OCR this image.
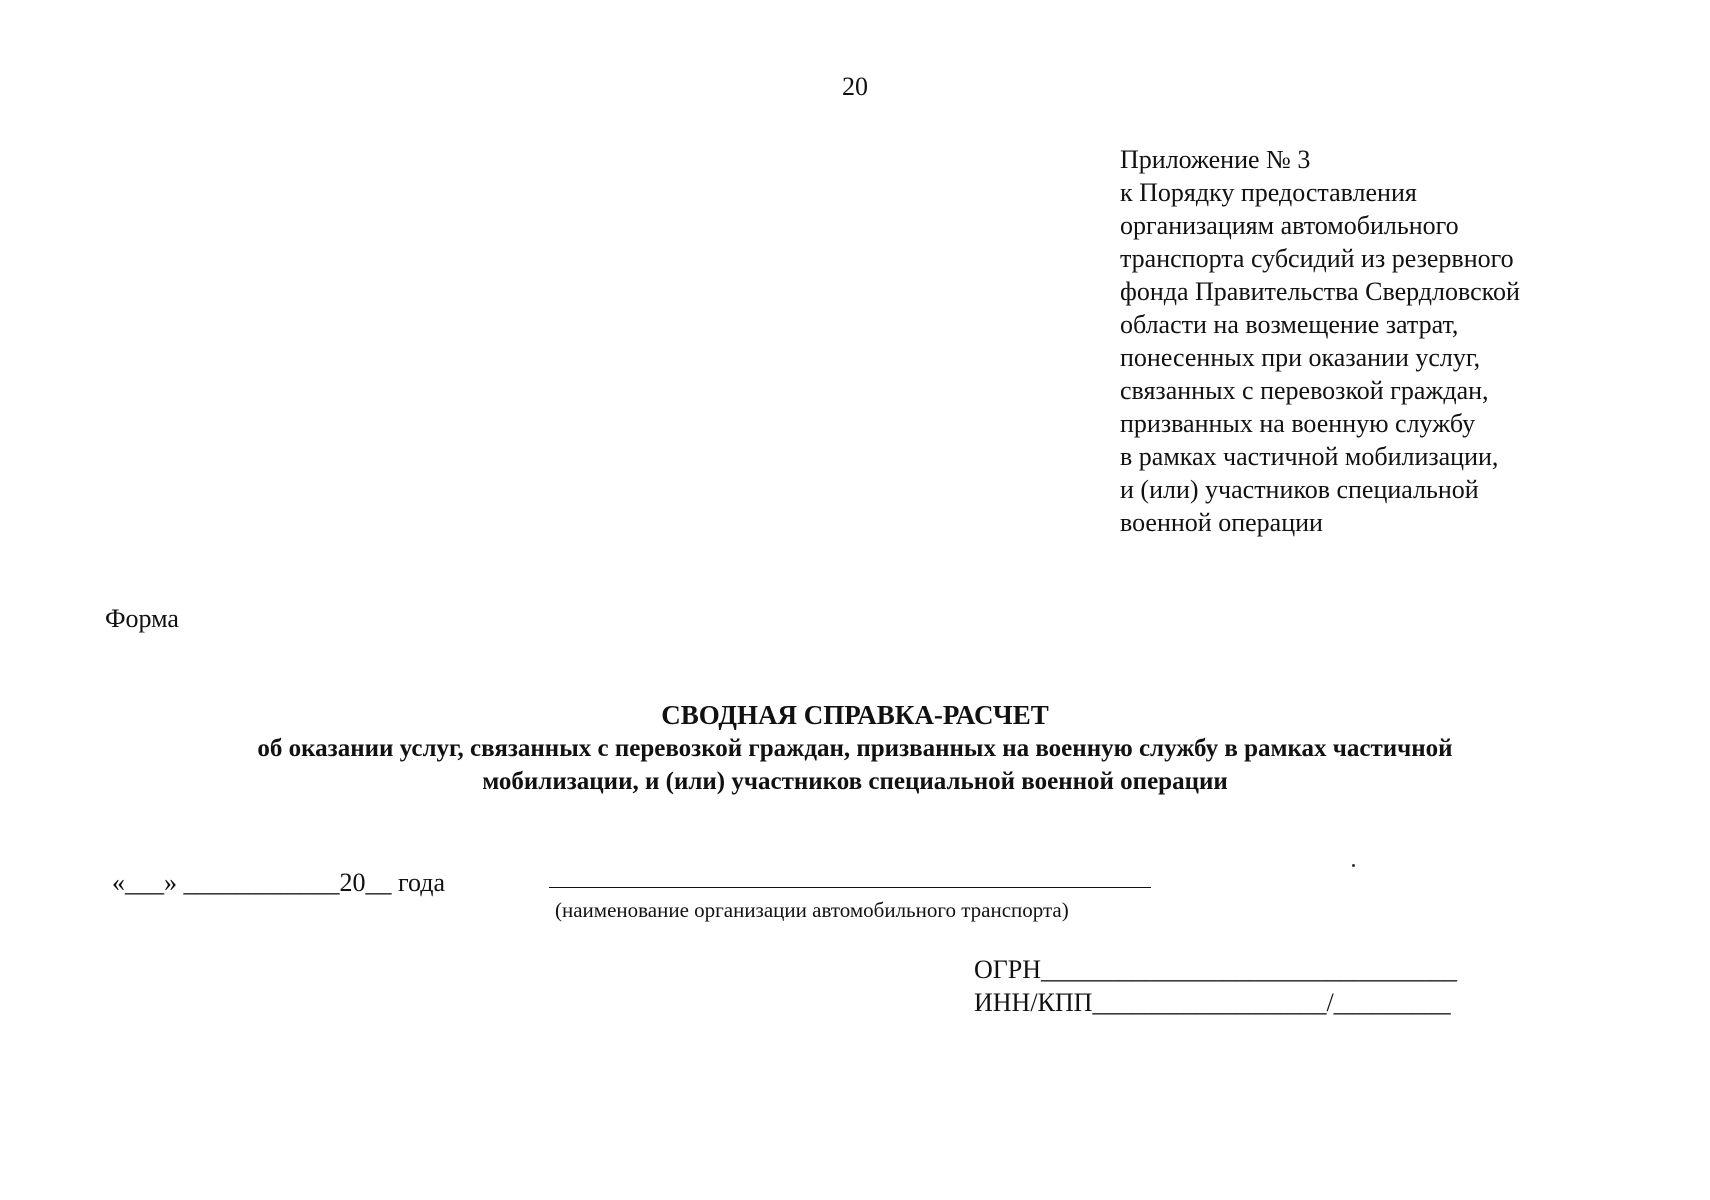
20
Приложение № 3
к Порядку предоставления
организациям автомобильного
транспорта субсидий из резервного
фонда Правительства Свердловской
области на возмещение затрат,
понесенных при оказании услуг,
связанных с перевозкой граждан,
призванных на военную службу
в рамках частичной мобилизации,
и (или) участников специальной
военной операции
Форма
СВОДНАЯ СПРАВКА-РАСЧЕТ
об оказании услуг, связанных с перевозкой граждан, призванных на военную службу в рамках частичной
мобилизации, и (или) участников специальной военной операции
«___» ____________20__ года
(наименование организации автомобильного транспорта)
ОГРН________________________________
ИНН/КПП__________________/_________
